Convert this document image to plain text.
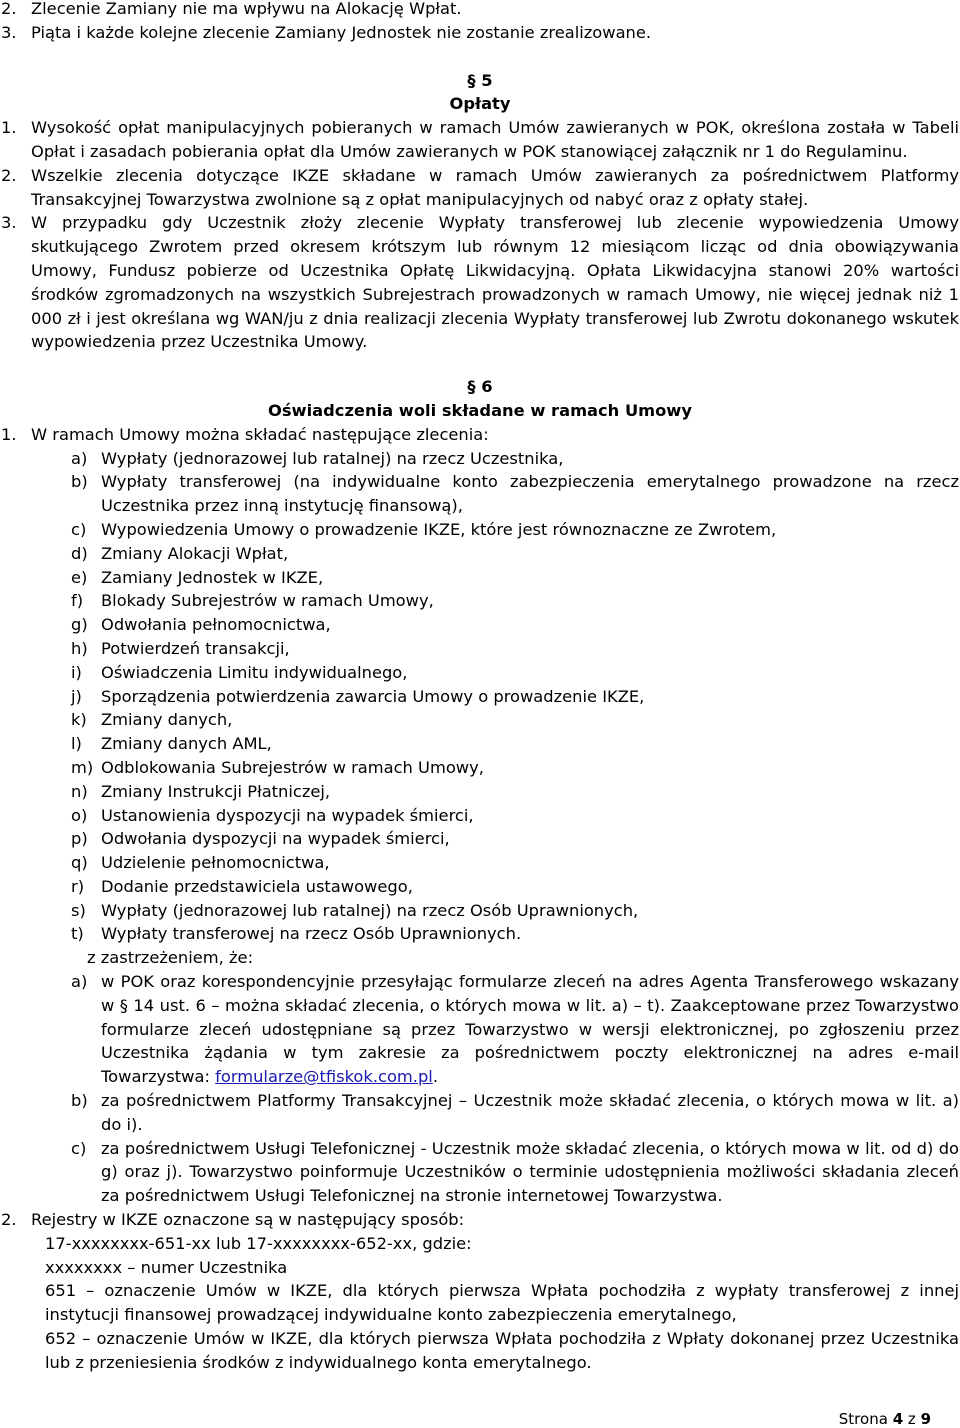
2. Zlecenie Zamiany nie ma wpływu na Alokację Wpłat.
3. Piąta i każde kolejne zlecenie Zamiany Jednostek nie zostanie zrealizowane.
§ 5
Opłaty
1. Wysokość opłat manipulacyjnych pobieranych w ramach Umów zawieranych w POK, określona została w Tabeli Opłat i zasadach pobierania opłat dla Umów zawieranych w POK stanowiącej załącznik nr 1 do Regulaminu.
2. Wszelkie zlecenia dotyczące IKZE składane w ramach Umów zawieranych za pośrednictwem Platformy Transakcyjnej Towarzystwa zwolnione są z opłat manipulacyjnych od nabyć oraz z opłaty stałej.
3. W przypadku gdy Uczestnik złoży zlecenie Wypłaty transferowej lub zlecenie wypowiedzenia Umowy skutkującego Zwrotem przed okresem krótszym lub równym 12 miesiącom licząc od dnia obowiązywania Umowy, Fundusz pobierze od Uczestnika Opłatę Likwidacyjną. Opłata Likwidacyjna stanowi 20% wartości środków zgromadzonych na wszystkich Subrejestrach prowadzonych w ramach Umowy, nie więcej jednak niż 1 000 zł i jest określana wg WAN/ju z dnia realizacji zlecenia Wypłaty transferowej lub Zwrotu dokonanego wskutek wypowiedzenia przez Uczestnika Umowy.
§ 6
Oświadczenia woli składane w ramach Umowy
1. W ramach Umowy można składać następujące zlecenia:
a) Wypłaty (jednorazowej lub ratalnej) na rzecz Uczestnika,
b) Wypłaty transferowej (na indywidualne konto zabezpieczenia emerytalnego prowadzone na rzecz Uczestnika przez inną instytucję finansową),
c) Wypowiedzenia Umowy o prowadzenie IKZE, które jest równoznaczne ze Zwrotem,
d) Zmiany Alokacji Wpłat,
e) Zamiany Jednostek w IKZE,
f)	Blokady Subrejestrów w ramach Umowy,
g) Odwołania pełnomocnictwa,
h) Potwierdzeń transakcji,
i)	Oświadczenia Limitu indywidualnego,
j)	Sporządzenia potwierdzenia zawarcia Umowy o prowadzenie IKZE,
k) Zmiany danych,
l)	Zmiany danych AML,
m) Odblokowania Subrejestrów w ramach Umowy,
n) Zmiany Instrukcji Płatniczej,
o) Ustanowienia dyspozycji na wypadek śmierci,
p) Odwołania dyspozycji na wypadek śmierci,
q) Udzielenie pełnomocnictwa,
r)	Dodanie przedstawiciela ustawowego,
s) Wypłaty (jednorazowej lub ratalnej) na rzecz Osób Uprawnionych,
t)	Wypłaty transferowej na rzecz Osób Uprawnionych.
z zastrzeżeniem, że:
a) w POK oraz korespondencyjnie przesyłając formularze zleceń na adres Agenta Transferowego wskazany w § 14 ust. 6 – można składać zlecenia, o których mowa w lit. a) – t). Zaakceptowane przez Towarzystwo formularze zleceń udostępniane są przez Towarzystwo w wersji elektronicznej, po zgłoszeniu przez Uczestnika żądania w tym zakresie za pośrednictwem poczty elektronicznej na adres e-mail Towarzystwa: formularze@tfiskok.com.pl.
b) za pośrednictwem Platformy Transakcyjnej – Uczestnik może składać zlecenia, o których mowa w lit. a) do i).
c) za pośrednictwem Usługi Telefonicznej - Uczestnik może składać zlecenia, o których mowa w lit. od d) do g) oraz j). Towarzystwo poinformuje Uczestników o terminie udostępnienia możliwości składania zleceń za pośrednictwem Usługi Telefonicznej na stronie internetowej Towarzystwa.
2. Rejestry w IKZE oznaczone są w następujący sposób:
17-xxxxxxxx-651-xx lub 17-xxxxxxxx-652-xx, gdzie:
xxxxxxxx – numer Uczestnika
651 – oznaczenie Umów w IKZE, dla których pierwsza Wpłata pochodziła z wypłaty transferowej z innej instytucji finansowej prowadzącej indywidualne konto zabezpieczenia emerytalnego,
652 – oznaczenie Umów w IKZE, dla których pierwsza Wpłata pochodziła z Wpłaty dokonanej przez Uczestnika lub z przeniesienia środków z indywidualnego konta emerytalnego.
Strona 4 z 9
